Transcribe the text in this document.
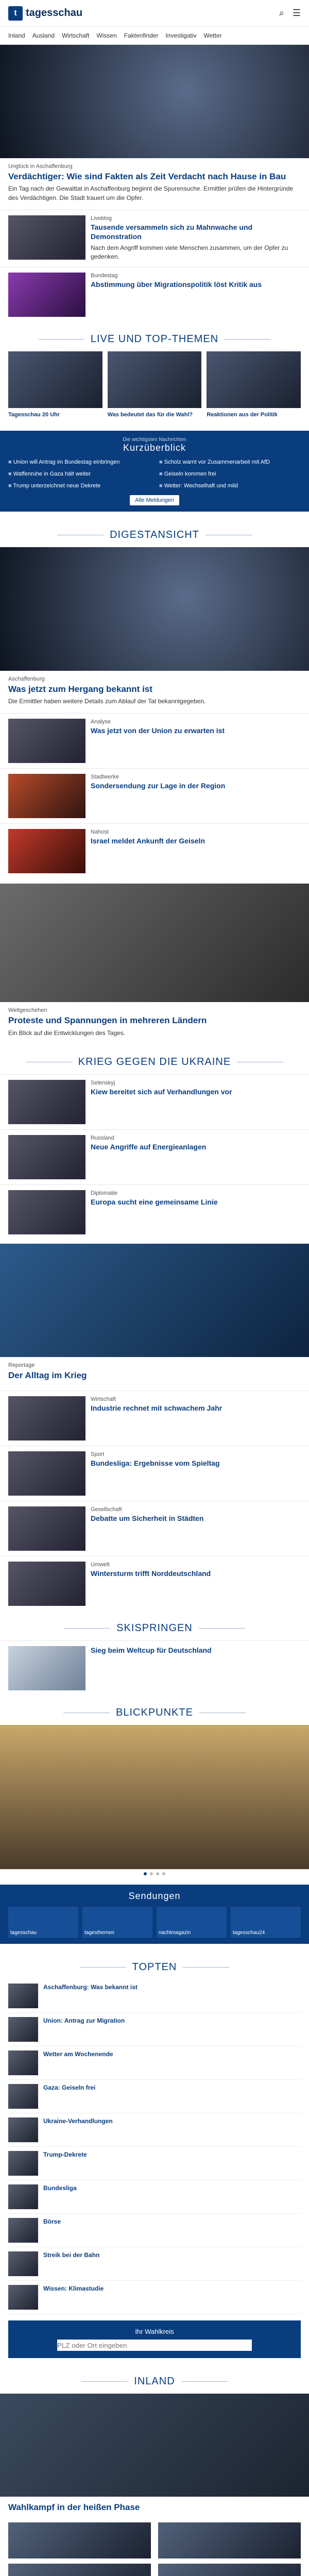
t tagesschau	⌕ ☰
Inland Ausland Wirtschaft Wissen Faktenfinder Investigativ Wetter
Unglück in Aschaffenburg
Verdächtiger: Wie sind Fakten als Zeit Verdacht nach Hause in Bau
Ein Tag nach der Gewalttat in Aschaffenburg beginnt die Spurensuche. Ermittler prüfen die Hintergründe des Verdächtigen. Die Stadt trauert um die Opfer.
Liveblog
Tausende versammeln sich zu Mahnwache und Demonstration
Nach dem Angriff kommen viele Menschen zusammen, um der Opfer zu gedenken.
Bundestag
Abstimmung über Migrationspolitik löst Kritik aus
LIVE UND TOP-THEMEN
Tagesschau 20 Uhr	Was bedeutet das für die Wahl?	Reaktionen aus der Politik
Die wichtigsten Nachrichten
Kurzüberblick
■ Union will Antrag im Bundestag einbringen	■ Scholz warnt vor Zusammenarbeit mit AfD
■ Waffenruhe in Gaza hält weiter	■ Geiseln kommen frei
■ Trump unterzeichnet neue Dekrete	■ Wetter: Wechselhaft und mild
Alle Meldungen
DIGESTANSICHT
Aschaffenburg
Was jetzt zum Hergang bekannt ist
Die Ermittler haben weitere Details zum Ablauf der Tat bekanntgegeben.
Analyse
Was jetzt von der Union zu erwarten ist
Stadtwerke
Sondersendung zur Lage in der Region
Nahost
Israel meldet Ankunft der Geiseln
Weltgeschehen
Proteste und Spannungen in mehreren Ländern
Ein Blick auf die Entwicklungen des Tages.
KRIEG GEGEN DIE UKRAINE
Selenskyj
Kiew bereitet sich auf Verhandlungen vor
Russland
Neue Angriffe auf Energieanlagen
Diplomatie
Europa sucht eine gemeinsame Linie
Reportage
Der Alltag im Krieg
Wirtschaft
Industrie rechnet mit schwachem Jahr
Sport
Bundesliga: Ergebnisse vom Spieltag
Gesellschaft
Debatte um Sicherheit in Städten
Umwelt
Wintersturm trifft Norddeutschland
SKISPRINGEN
Sieg beim Weltcup für Deutschland
BLICKPUNKTE
Sendungen
tagesschau	tagesthemen	nachtmagazin	tagesschau24
TOPTEN
Aschaffenburg: Was bekannt ist
Union: Antrag zur Migration
Wetter am Wochenende
Gaza: Geiseln frei
Ukraine-Verhandlungen
Trump-Dekrete
Bundesliga
Börse
Streik bei der Bahn
Wissen: Klimastudie
Ihr Wahlkreis
PLZ oder Ort eingeben
INLAND
Wahlkampf in der heißen Phase
